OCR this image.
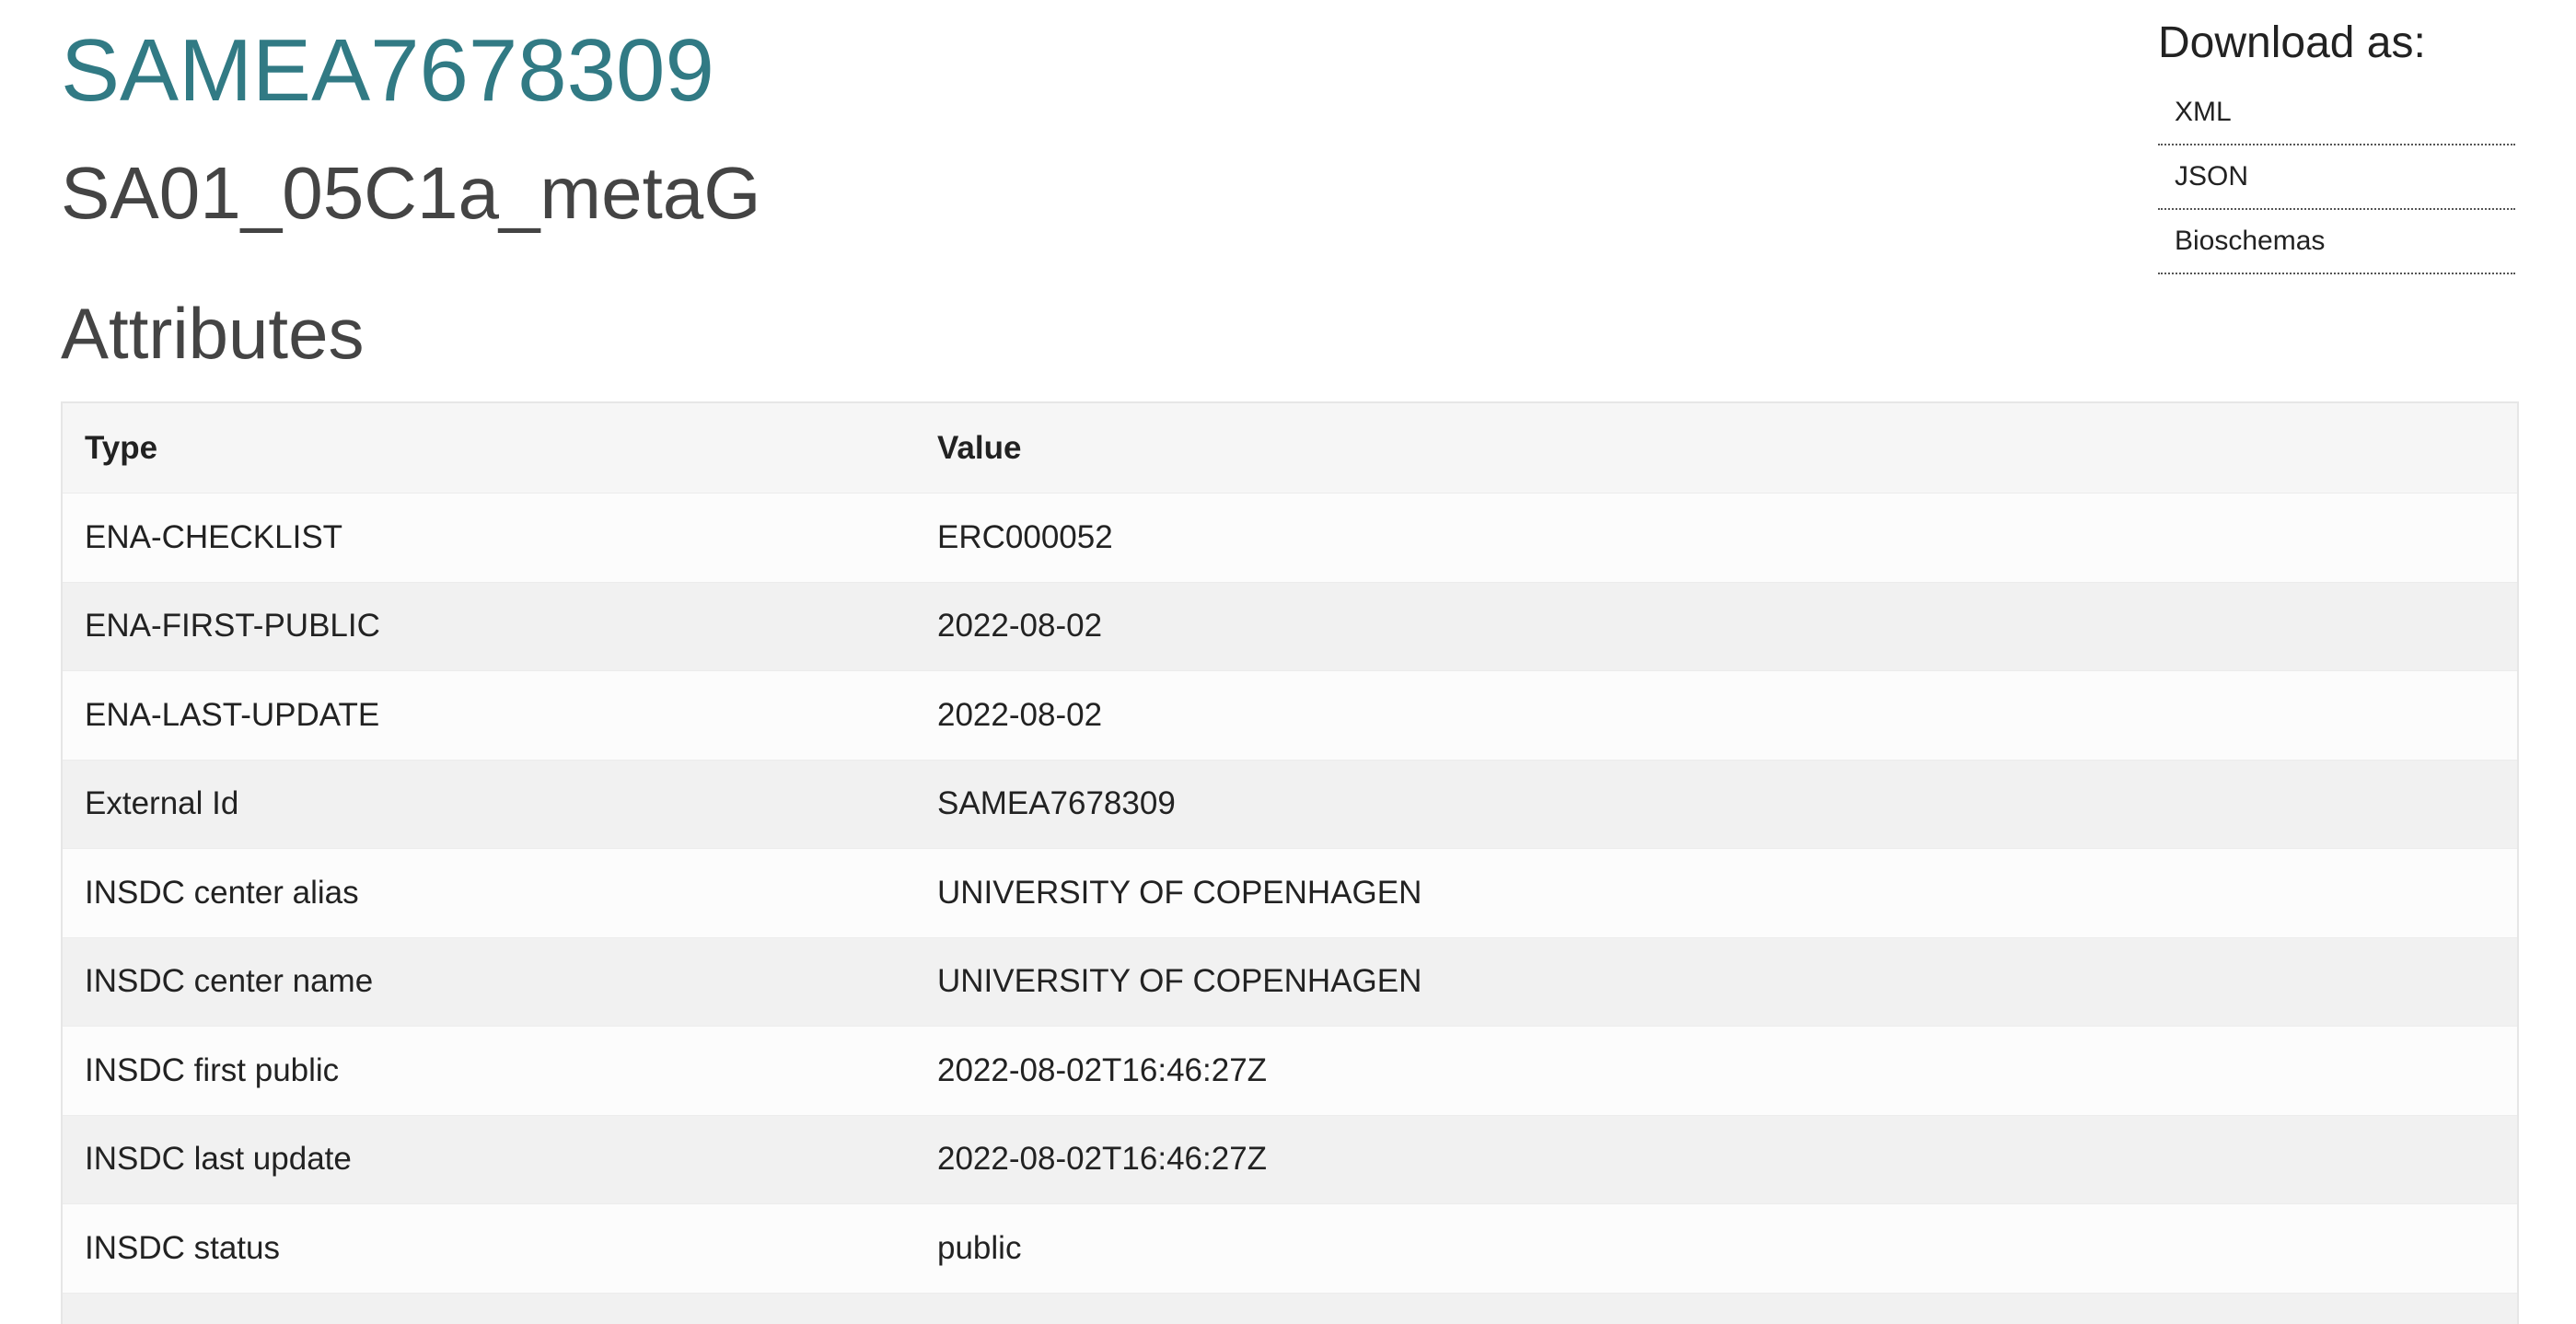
SAMEA7678309
SA01_05C1a_metaG
Download as:
XML
JSON
Bioschemas
Attributes
Type	Value
ENA-CHECKLIST	ERC000052
ENA-FIRST-PUBLIC	2022-08-02
ENA-LAST-UPDATE	2022-08-02
External Id	SAMEA7678309
INSDC center alias	UNIVERSITY OF COPENHAGEN
INSDC center name	UNIVERSITY OF COPENHAGEN
INSDC first public	2022-08-02T16:46:27Z
INSDC last update	2022-08-02T16:46:27Z
INSDC status	public
